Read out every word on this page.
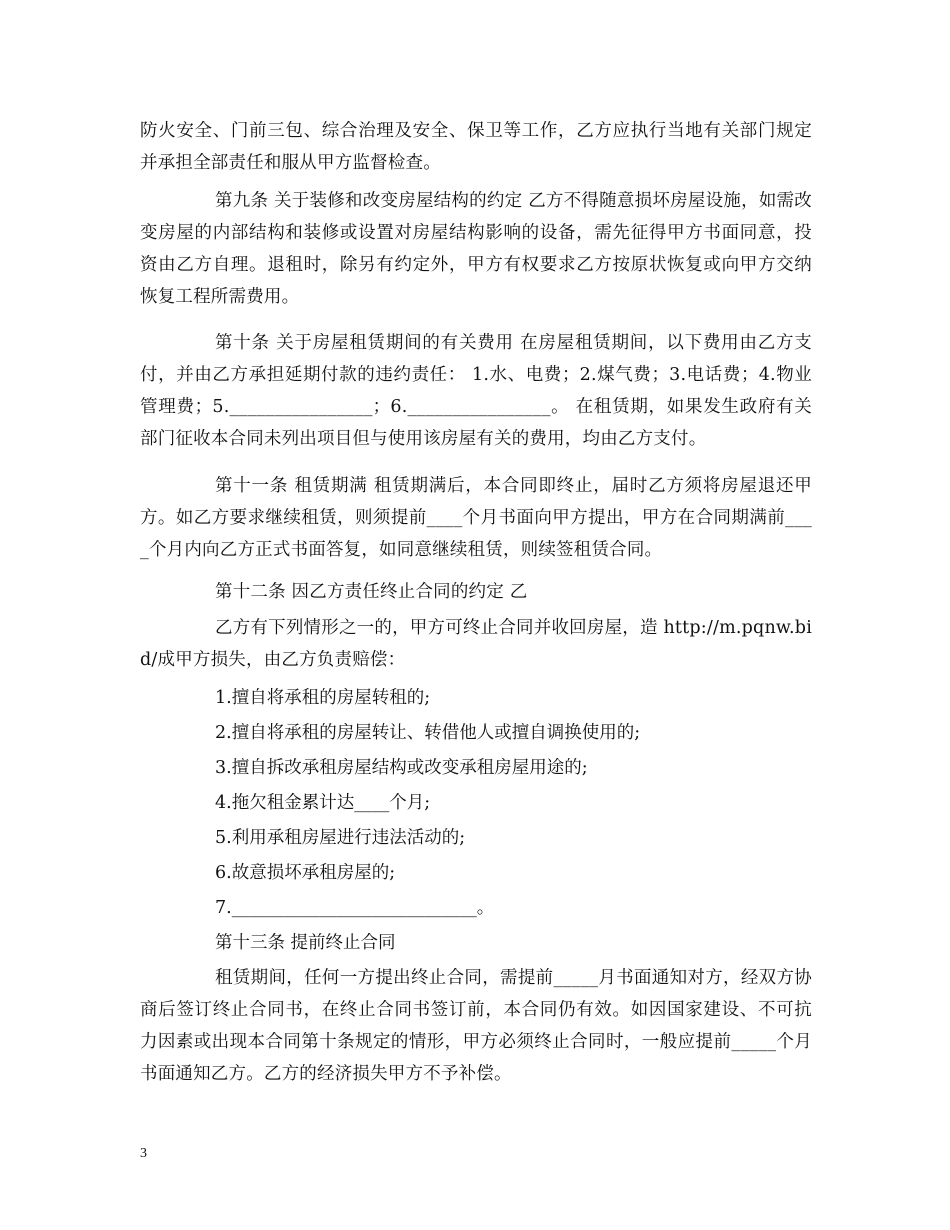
防火安全、门前三包、综合治理及安全、保卫等工作，乙方应执行当地有关部门规定并承担全部责任和服从甲方监督检查。
第九条 关于装修和改变房屋结构的约定 乙方不得随意损坏房屋设施，如需改变房屋的内部结构和装修或设置对房屋结构影响的设备，需先征得甲方书面同意，投资由乙方自理。退租时，除另有约定外，甲方有权要求乙方按原状恢复或向甲方交纳恢复工程所需费用。
第十条 关于房屋租赁期间的有关费用 在房屋租赁期间，以下费用由乙方支付，并由乙方承担延期付款的违约责任： 1.水、电费；2.煤气费；3.电话费；4.物业管理费；5.________________；6.________________。 在租赁期，如果发生政府有关部门征收本合同未列出项目但与使用该房屋有关的费用，均由乙方支付。
第十一条 租赁期满 租赁期满后，本合同即终止，届时乙方须将房屋退还甲方。如乙方要求继续租赁，则须提前____个月书面向甲方提出，甲方在合同期满前____个月内向乙方正式书面答复，如同意继续租赁，则续签租赁合同。
第十二条 因乙方责任终止合同的约定 乙
乙方有下列情形之一的，甲方可终止合同并收回房屋，造 http://m.pqnw.bid/成甲方损失，由乙方负责赔偿：
1.擅自将承租的房屋转租的;
2.擅自将承租的房屋转让、转借他人或擅自调换使用的;
3.擅自拆改承租房屋结构或改变承租房屋用途的;
4.拖欠租金累计达____个月;
5.利用承租房屋进行违法活动的;
6.故意损坏承租房屋的;
7.____________________________。
第十三条 提前终止合同
租赁期间，任何一方提出终止合同，需提前_____月书面通知对方，经双方协商后签订终止合同书，在终止合同书签订前，本合同仍有效。如因国家建设、不可抗力因素或出现本合同第十条规定的情形，甲方必须终止合同时，一般应提前_____个月书面通知乙方。乙方的经济损失甲方不予补偿。
3
